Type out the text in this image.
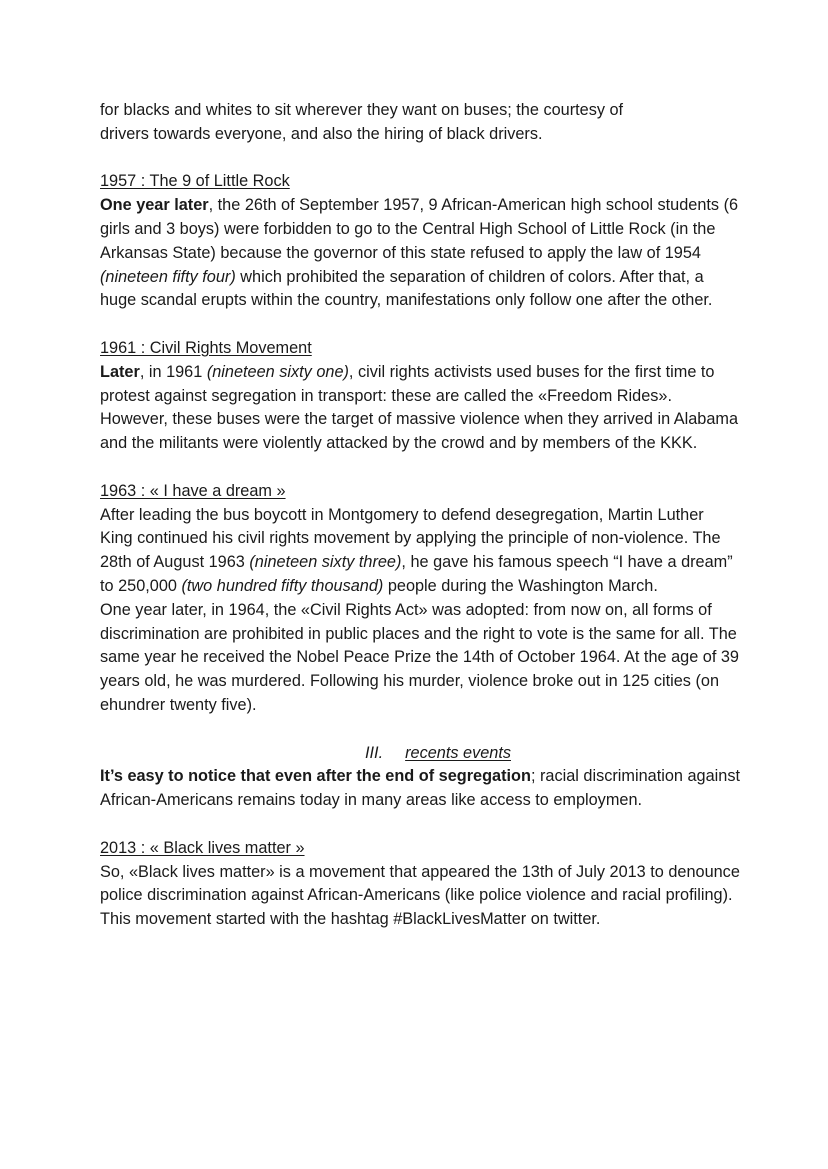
for blacks and whites to sit wherever they want on buses; the courtesy of
drivers towards everyone, and also the hiring of black drivers.

1957 : The 9 of Little Rock

One year later, the 26th of September 1957, 9 African-American high school students (6 girls and 3 boys) were forbidden to go to the Central High School of Little Rock (in the Arkansas State) because the governor of this state refused to apply the law of 1954 (nineteen fifty four) which prohibited the separation of children of colors. After that, a huge scandal erupts within the country, manifestations only follow one after the other.

1961 : Civil Rights Movement

Later, in 1961 (nineteen sixty one), civil rights activists used buses for the first time to protest against segregation in transport: these are called the «Freedom Rides». However, these buses were the target of massive violence when they arrived in Alabama and the militants were violently attacked by the crowd and by members of the KKK.

1963 : « I have a dream »

After leading the bus boycott in Montgomery to defend desegregation, Martin Luther King continued his civil rights movement by applying the principle of non-violence. The 28th of August 1963 (nineteen sixty three), he gave his famous speech “I have a dream” to 250,000 (two hundred fifty thousand) people during the Washington March.

One year later, in 1964, the «Civil Rights Act» was adopted: from now on, all forms of discrimination are prohibited in public places and the right to vote is the same for all. The same year he received the Nobel Peace Prize the 14th of October 1964. At the age of 39 years old, he was murdered. Following his murder, violence broke out in 125 cities (on ehundrer twenty five).

III. recents events

It’s easy to notice that even after the end of segregation; racial discrimination against African-Americans remains today in many areas like access to employmen.

2013 : « Black lives matter »

So, «Black lives matter» is a movement that appeared the 13th of July 2013 to denounce police discrimination against African-Americans (like police violence and racial profiling). This movement started with the hashtag #BlackLivesMatter on twitter.
